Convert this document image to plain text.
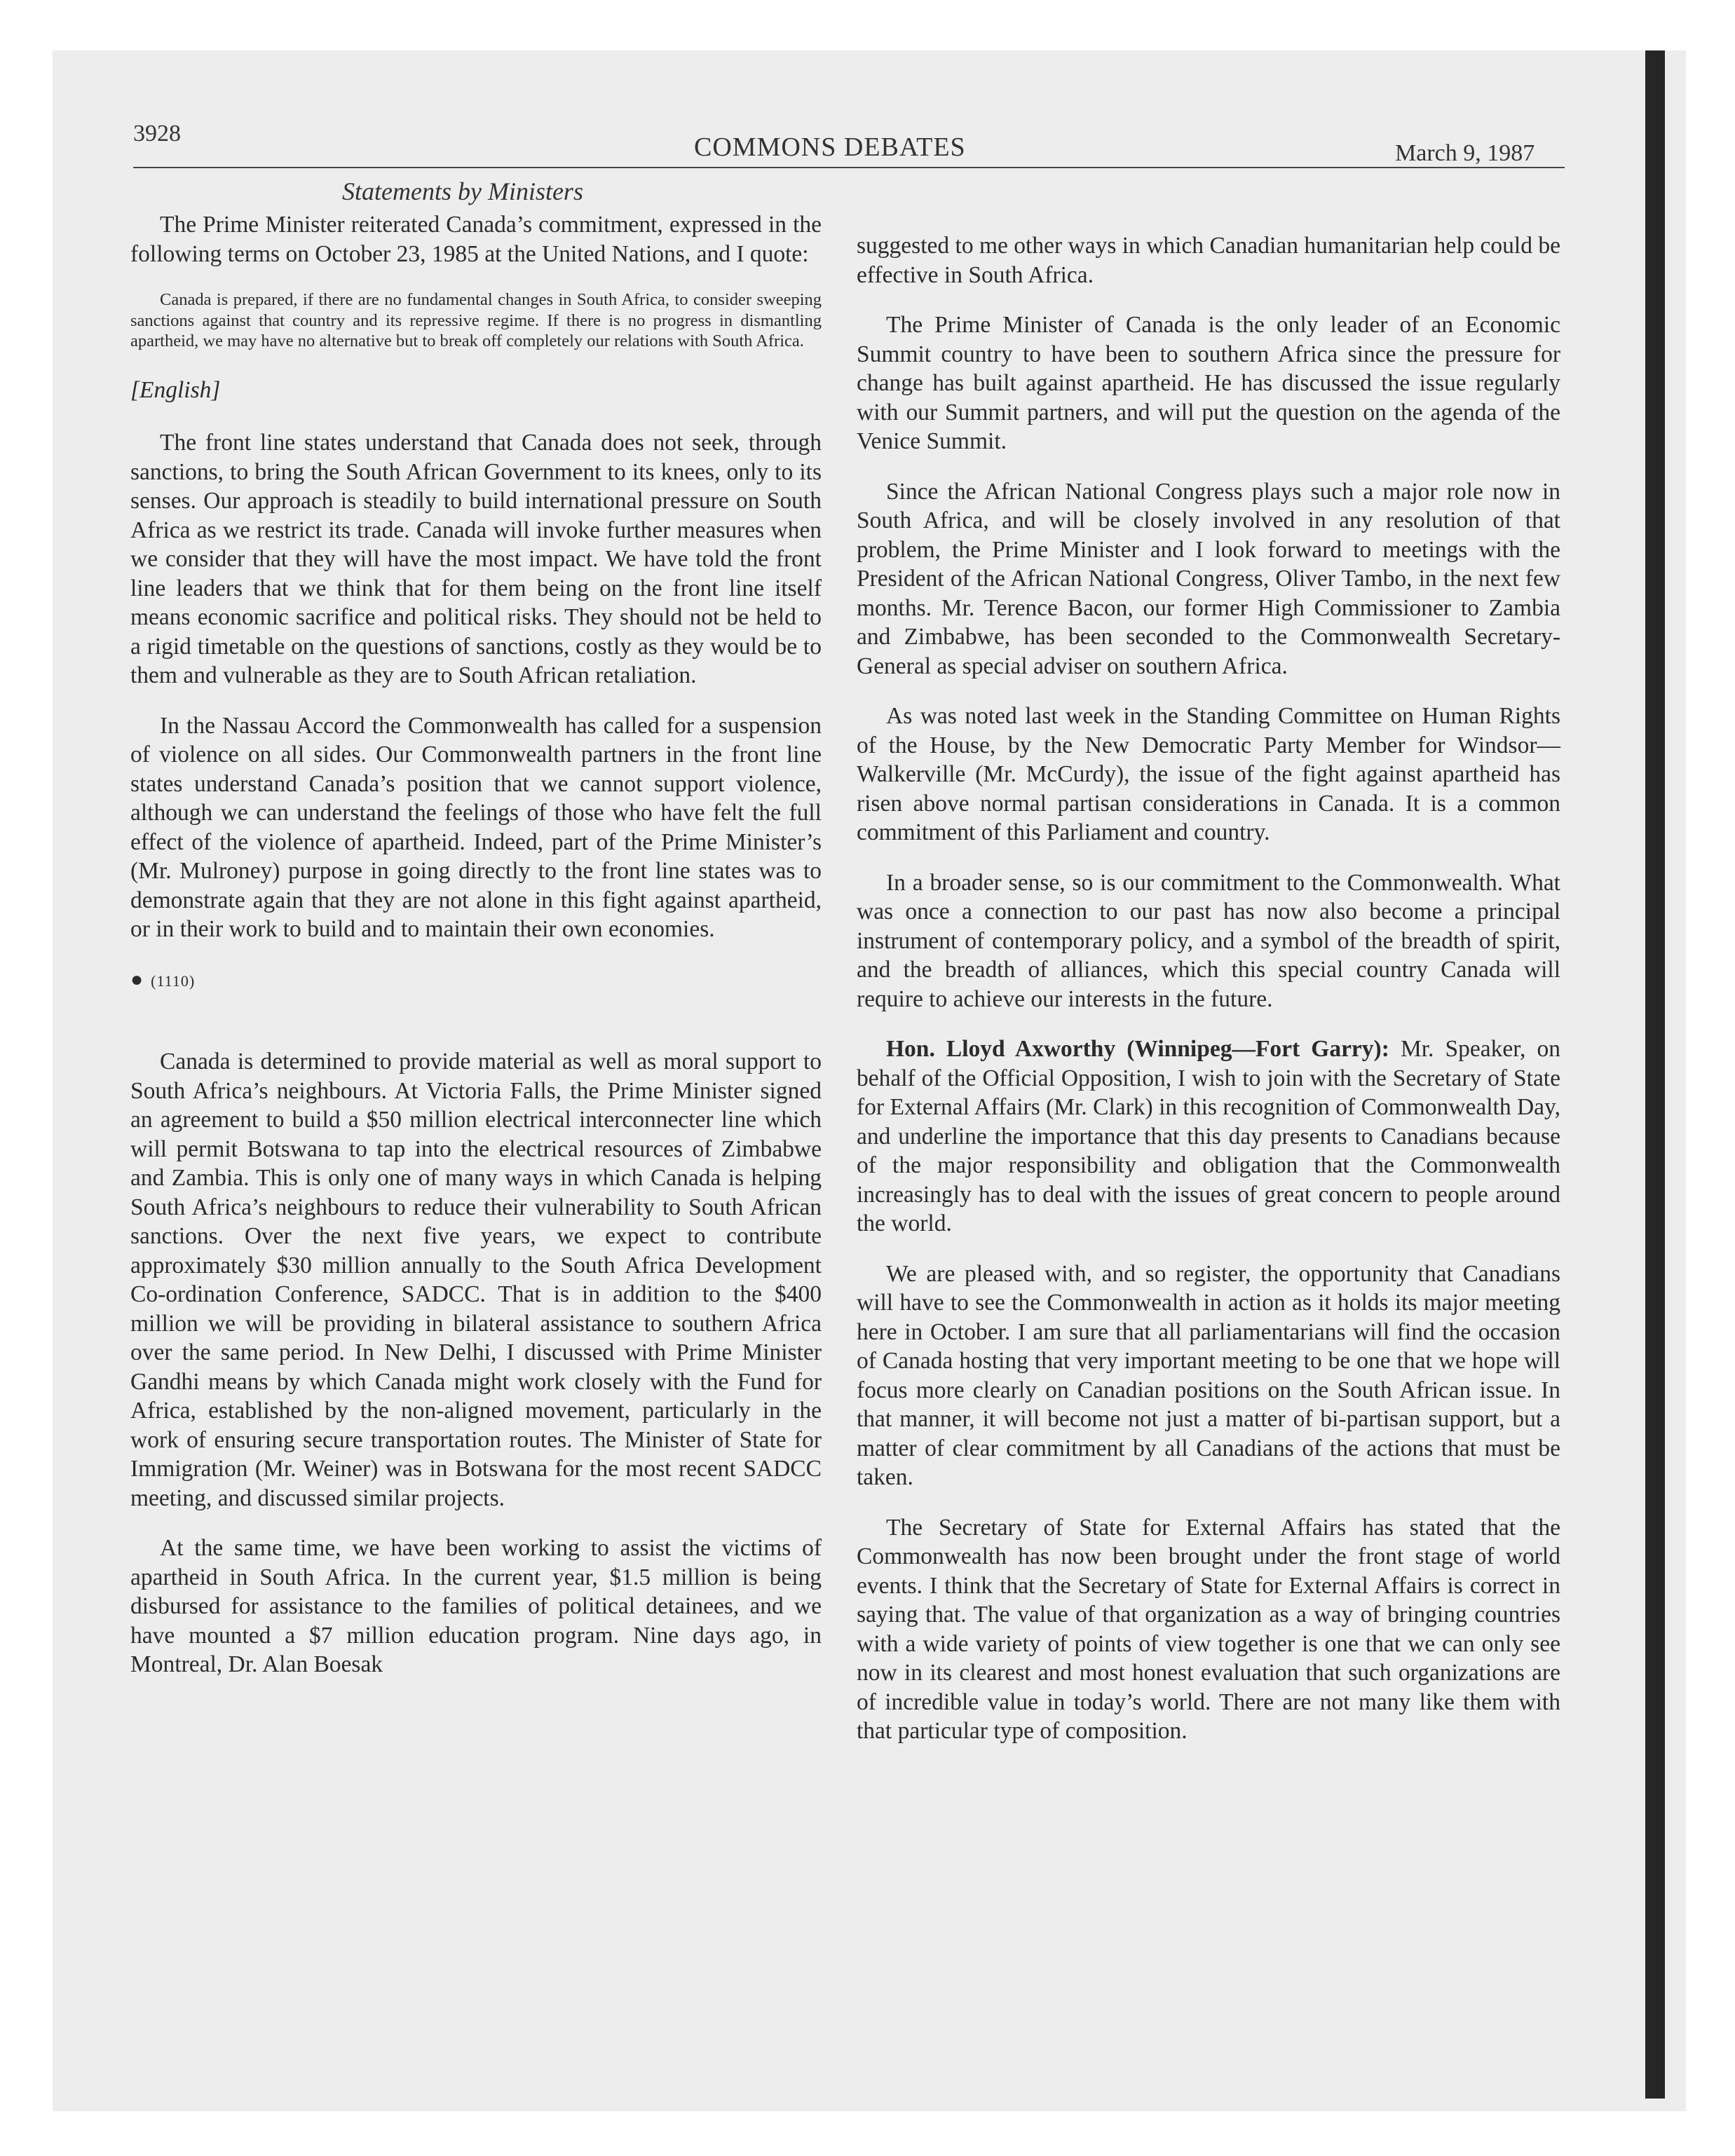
3928	COMMONS DEBATES	March 9, 1987
Statements by Ministers

The Prime Minister reiterated Canada’s commitment, expressed in the following terms on October 23, 1985 at the United Nations, and I quote:

Canada is prepared, if there are no fundamental changes in South Africa, to consider sweeping sanctions against that country and its repressive regime. If there is no progress in dismantling apartheid, we may have no alternative but to break off completely our relations with South Africa.

[English]

The front line states understand that Canada does not seek, through sanctions, to bring the South African Government to its knees, only to its senses. Our approach is steadily to build international pressure on South Africa as we restrict its trade. Canada will invoke further measures when we consider that they will have the most impact. We have told the front line leaders that we think that for them being on the front line itself means economic sacrifice and political risks. They should not be held to a rigid timetable on the questions of sanctions, costly as they would be to them and vulnerable as they are to South African retaliation.

In the Nassau Accord the Commonwealth has called for a suspension of violence on all sides. Our Commonwealth partners in the front line states understand Canada’s position that we cannot support violence, although we can understand the feelings of those who have felt the full effect of the violence of apartheid. Indeed, part of the Prime Minister’s (Mr. Mulroney) purpose in going directly to the front line states was to demonstrate again that they are not alone in this fight against apartheid, or in their work to build and to maintain their own economies.

● (1110)

Canada is determined to provide material as well as moral support to South Africa’s neighbours. At Victoria Falls, the Prime Minister signed an agreement to build a $50 million electrical interconnecter line which will permit Botswana to tap into the electrical resources of Zimbabwe and Zambia. This is only one of many ways in which Canada is helping South Africa’s neighbours to reduce their vulnerability to South African sanctions. Over the next five years, we expect to contribute approximately $30 million annually to the South Africa Development Co-ordination Conference, SADCC. That is in addition to the $400 million we will be providing in bilateral assistance to southern Africa over the same period. In New Delhi, I discussed with Prime Minister Gandhi means by which Canada might work closely with the Fund for Africa, established by the non-aligned movement, particularly in the work of ensuring secure transportation routes. The Minister of State for Immigration (Mr. Weiner) was in Botswana for the most recent SADCC meeting, and discussed similar projects.

At the same time, we have been working to assist the victims of apartheid in South Africa. In the current year, $1.5 million is being disbursed for assistance to the families of political detainees, and we have mounted a $7 million education program. Nine days ago, in Montreal, Dr. Alan Boesak

suggested to me other ways in which Canadian humanitarian help could be effective in South Africa.

The Prime Minister of Canada is the only leader of an Economic Summit country to have been to southern Africa since the pressure for change has built against apartheid. He has discussed the issue regularly with our Summit partners, and will put the question on the agenda of the Venice Summit.

Since the African National Congress plays such a major role now in South Africa, and will be closely involved in any resolution of that problem, the Prime Minister and I look forward to meetings with the President of the African National Congress, Oliver Tambo, in the next few months. Mr. Terence Bacon, our former High Commissioner to Zambia and Zimbabwe, has been seconded to the Commonwealth Secretary-General as special adviser on southern Africa.

As was noted last week in the Standing Committee on Human Rights of the House, by the New Democratic Party Member for Windsor—Walkerville (Mr. McCurdy), the issue of the fight against apartheid has risen above normal partisan considerations in Canada. It is a common commitment of this Parliament and country.

In a broader sense, so is our commitment to the Commonwealth. What was once a connection to our past has now also become a principal instrument of contemporary policy, and a symbol of the breadth of spirit, and the breadth of alliances, which this special country Canada will require to achieve our interests in the future.

Hon. Lloyd Axworthy (Winnipeg—Fort Garry): Mr. Speaker, on behalf of the Official Opposition, I wish to join with the Secretary of State for External Affairs (Mr. Clark) in this recognition of Commonwealth Day, and underline the importance that this day presents to Canadians because of the major responsibility and obligation that the Commonwealth increasingly has to deal with the issues of great concern to people around the world.

We are pleased with, and so register, the opportunity that Canadians will have to see the Commonwealth in action as it holds its major meeting here in October. I am sure that all parliamentarians will find the occasion of Canada hosting that very important meeting to be one that we hope will focus more clearly on Canadian positions on the South African issue. In that manner, it will become not just a matter of bi-partisan support, but a matter of clear commitment by all Canadians of the actions that must be taken.

The Secretary of State for External Affairs has stated that the Commonwealth has now been brought under the front stage of world events. I think that the Secretary of State for External Affairs is correct in saying that. The value of that organization as a way of bringing countries with a wide variety of points of view together is one that we can only see now in its clearest and most honest evaluation that such organizations are of incredible value in today’s world. There are not many like them with that particular type of composition.
